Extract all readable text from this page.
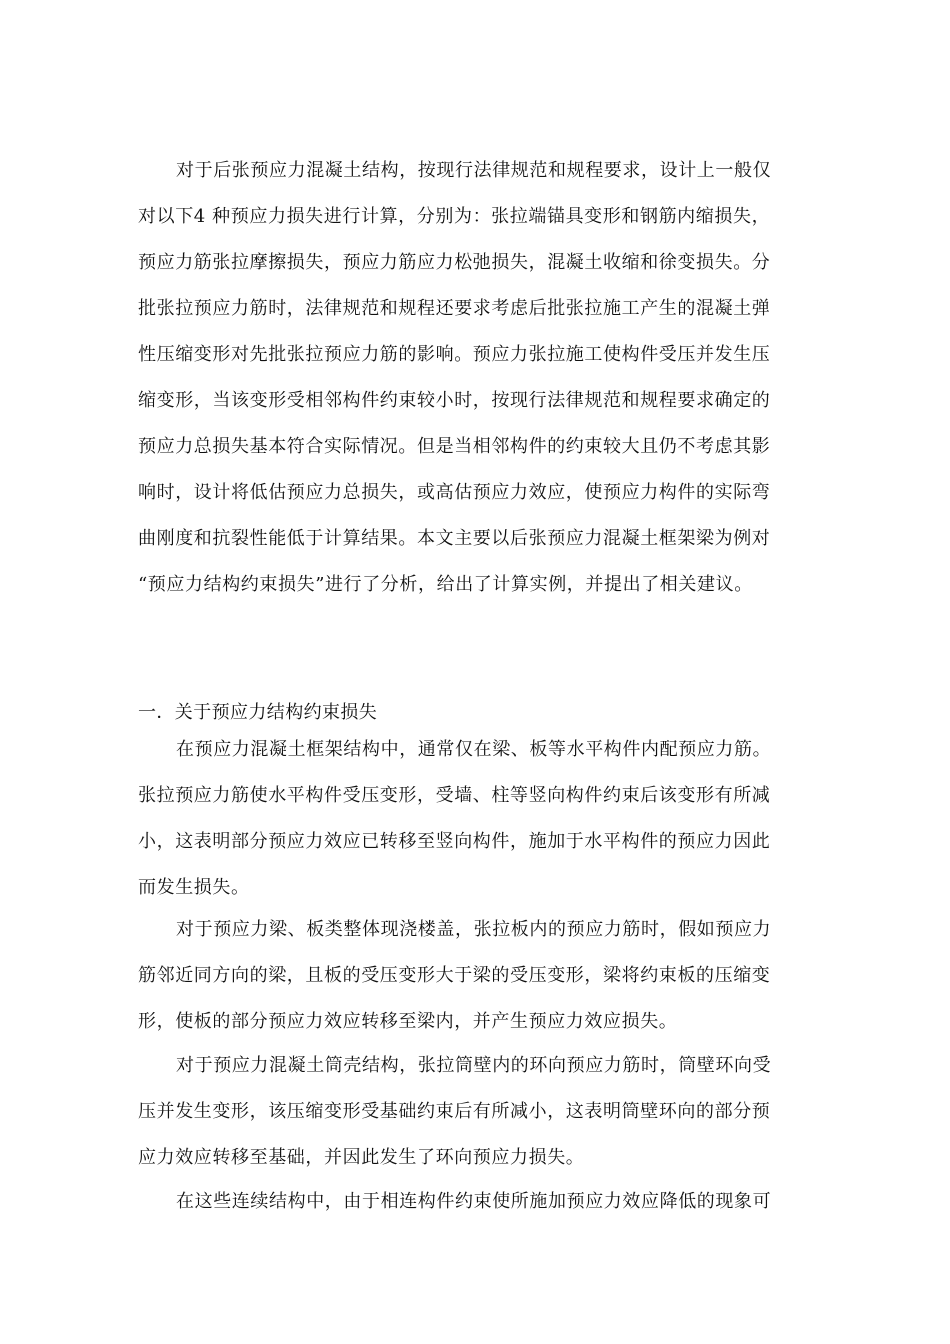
对于后张预应力混凝土结构，按现行法律规范和规程要求，设计上一般仅
对以下4 种预应力损失进行计算，分别为：张拉端锚具变形和钢筋内缩损失，
预应力筋张拉摩擦损失，预应力筋应力松弛损失，混凝土收缩和徐变损失。分
批张拉预应力筋时，法律规范和规程还要求考虑后批张拉施工产生的混凝土弹
性压缩变形对先批张拉预应力筋的影响。预应力张拉施工使构件受压并发生压
缩变形，当该变形受相邻构件约束较小时，按现行法律规范和规程要求确定的
预应力总损失基本符合实际情况。但是当相邻构件的约束较大且仍不考虑其影
响时，设计将低估预应力总损失，或高估预应力效应，使预应力构件的实际弯
曲刚度和抗裂性能低于计算结果。本文主要以后张预应力混凝土框架梁为例对
“预应力结构约束损失”进行了分析，给出了计算实例，并提出了相关建议。
一．关于预应力结构约束损失
在预应力混凝土框架结构中，通常仅在梁、板等水平构件内配预应力筋。
张拉预应力筋使水平构件受压变形，受墙、柱等竖向构件约束后该变形有所减
小，这表明部分预应力效应已转移至竖向构件，施加于水平构件的预应力因此
而发生损失。
对于预应力梁、板类整体现浇楼盖，张拉板内的预应力筋时，假如预应力
筋邻近同方向的梁，且板的受压变形大于梁的受压变形，梁将约束板的压缩变
形，使板的部分预应力效应转移至梁内，并产生预应力效应损失。
对于预应力混凝土筒壳结构，张拉筒壁内的环向预应力筋时，筒壁环向受
压并发生变形，该压缩变形受基础约束后有所减小，这表明筒壁环向的部分预
应力效应转移至基础，并因此发生了环向预应力损失。
在这些连续结构中，由于相连构件约束使所施加预应力效应降低的现象可
